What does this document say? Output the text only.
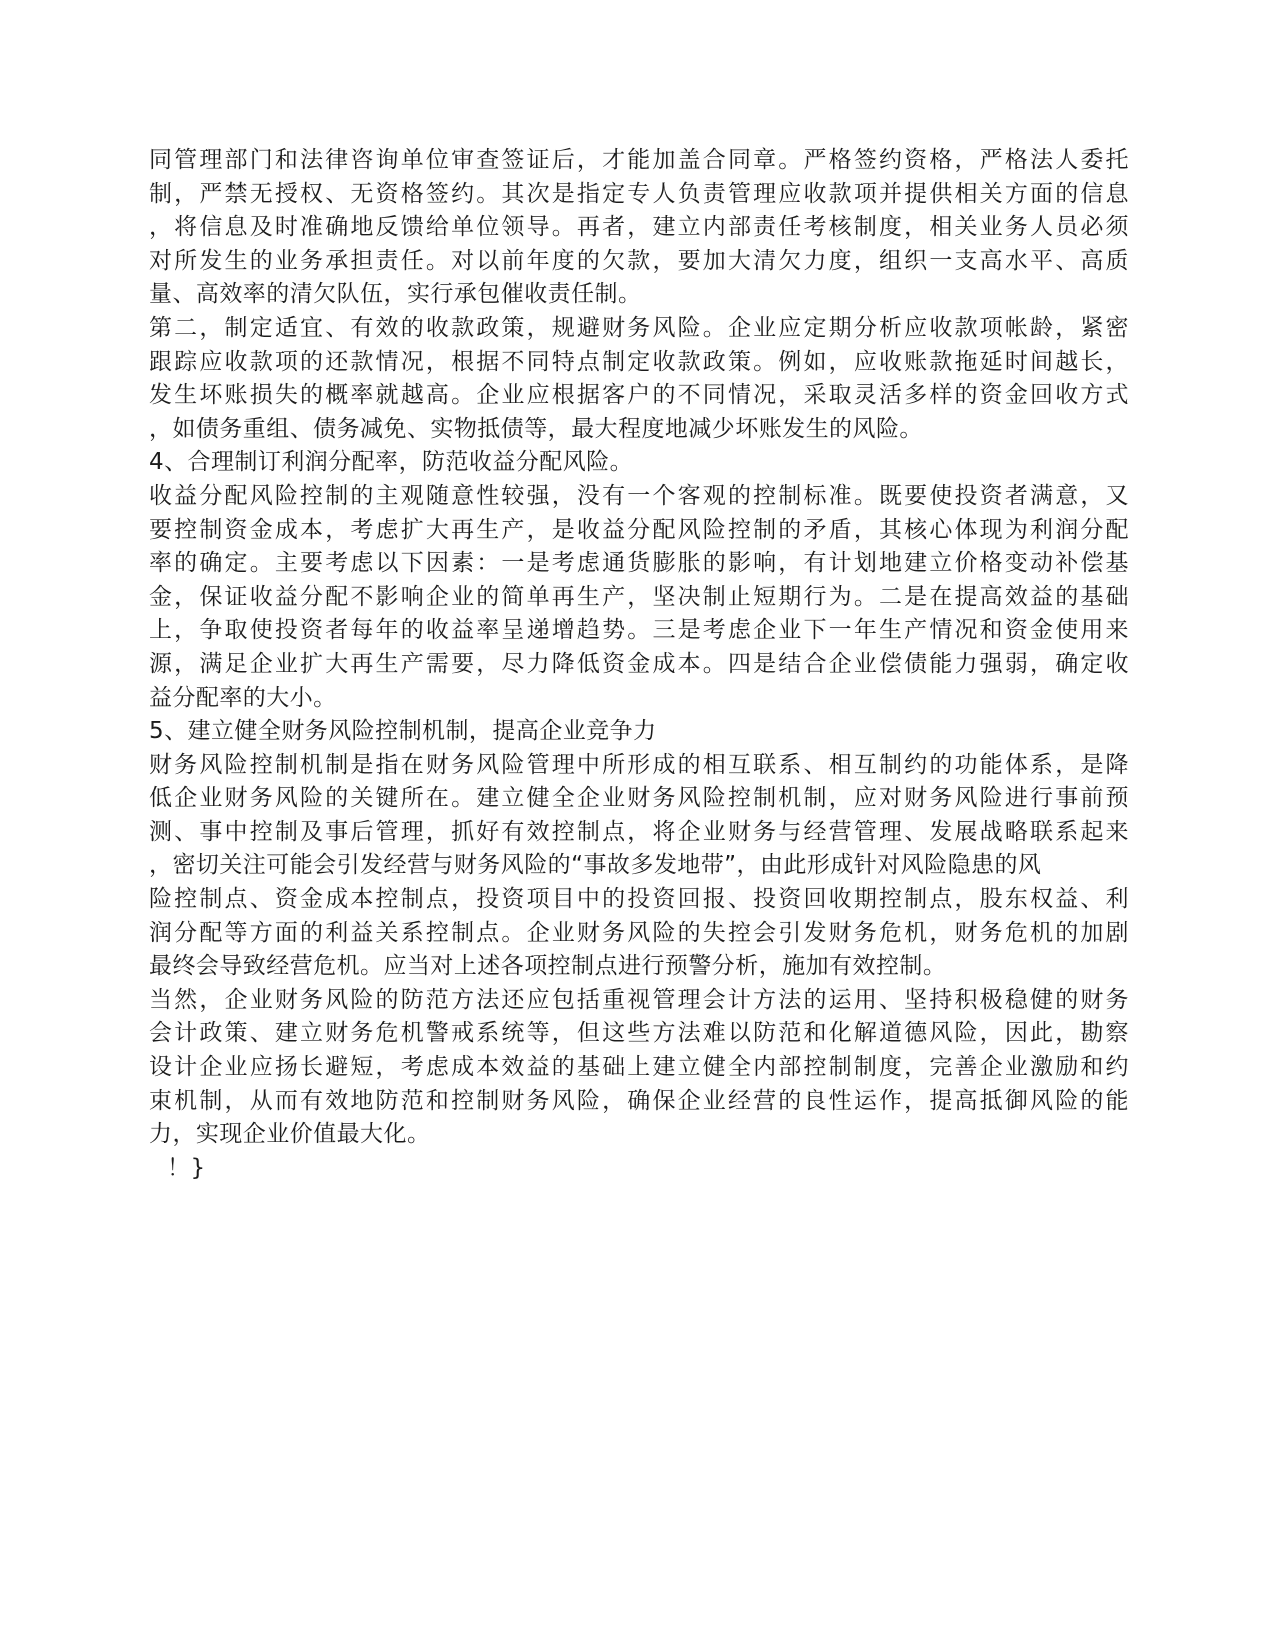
同管理部门和法律咨询单位审查签证后，才能加盖合同章。严格签约资格，严格法人委托
制，严禁无授权、无资格签约。其次是指定专人负责管理应收款项并提供相关方面的信息
，将信息及时准确地反馈给单位领导。再者，建立内部责任考核制度，相关业务人员必须
对所发生的业务承担责任。对以前年度的欠款，要加大清欠力度，组织一支高水平、高质
量、高效率的清欠队伍，实行承包催收责任制。
第二，制定适宜、有效的收款政策，规避财务风险。企业应定期分析应收款项帐龄，紧密
跟踪应收款项的还款情况，根据不同特点制定收款政策。例如，应收账款拖延时间越长，
发生坏账损失的概率就越高。企业应根据客户的不同情况，采取灵活多样的资金回收方式
，如债务重组、债务减免、实物抵债等，最大程度地减少坏账发生的风险。
4、合理制订利润分配率，防范收益分配风险。
收益分配风险控制的主观随意性较强，没有一个客观的控制标准。既要使投资者满意，又
要控制资金成本，考虑扩大再生产，是收益分配风险控制的矛盾，其核心体现为利润分配
率的确定。主要考虑以下因素：一是考虑通货膨胀的影响，有计划地建立价格变动补偿基
金，保证收益分配不影响企业的简单再生产，坚决制止短期行为。二是在提高效益的基础
上，争取使投资者每年的收益率呈递增趋势。三是考虑企业下一年生产情况和资金使用来
源，满足企业扩大再生产需要，尽力降低资金成本。四是结合企业偿债能力强弱，确定收
益分配率的大小。
5、建立健全财务风险控制机制，提高企业竞争力
财务风险控制机制是指在财务风险管理中所形成的相互联系、相互制约的功能体系，是降
低企业财务风险的关键所在。建立健全企业财务风险控制机制，应对财务风险进行事前预
测、事中控制及事后管理，抓好有效控制点，将企业财务与经营管理、发展战略联系起来
，密切关注可能会引发经营与财务风险的“事故多发地带”，由此形成针对风险隐患的风
险控制点、资金成本控制点，投资项目中的投资回报、投资回收期控制点，股东权益、利
润分配等方面的利益关系控制点。企业财务风险的失控会引发财务危机，财务危机的加剧
最终会导致经营危机。应当对上述各项控制点进行预警分析，施加有效控制。
当然，企业财务风险的防范方法还应包括重视管理会计方法的运用、坚持积极稳健的财务
会计政策、建立财务危机警戒系统等，但这些方法难以防范和化解道德风险，因此，勘察
设计企业应扬长避短，考虑成本效益的基础上建立健全内部控制制度，完善企业激励和约
束机制，从而有效地防范和控制财务风险，确保企业经营的良性运作，提高抵御风险的能
力，实现企业价值最大化。
！}
